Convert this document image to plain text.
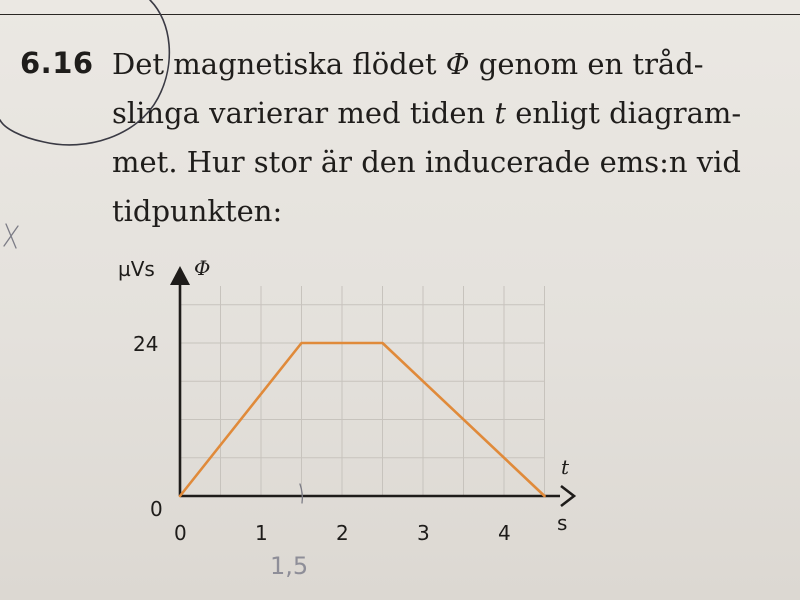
6.16 Det magnetiska flödet Φ genom en tråd-
slinga varierar med tiden t enligt diagram-
met. Hur stor är den inducerade ems:n vid
tidpunkten:
0	1	2	3	4
0
24
µVs Φ
t
s
1,5
